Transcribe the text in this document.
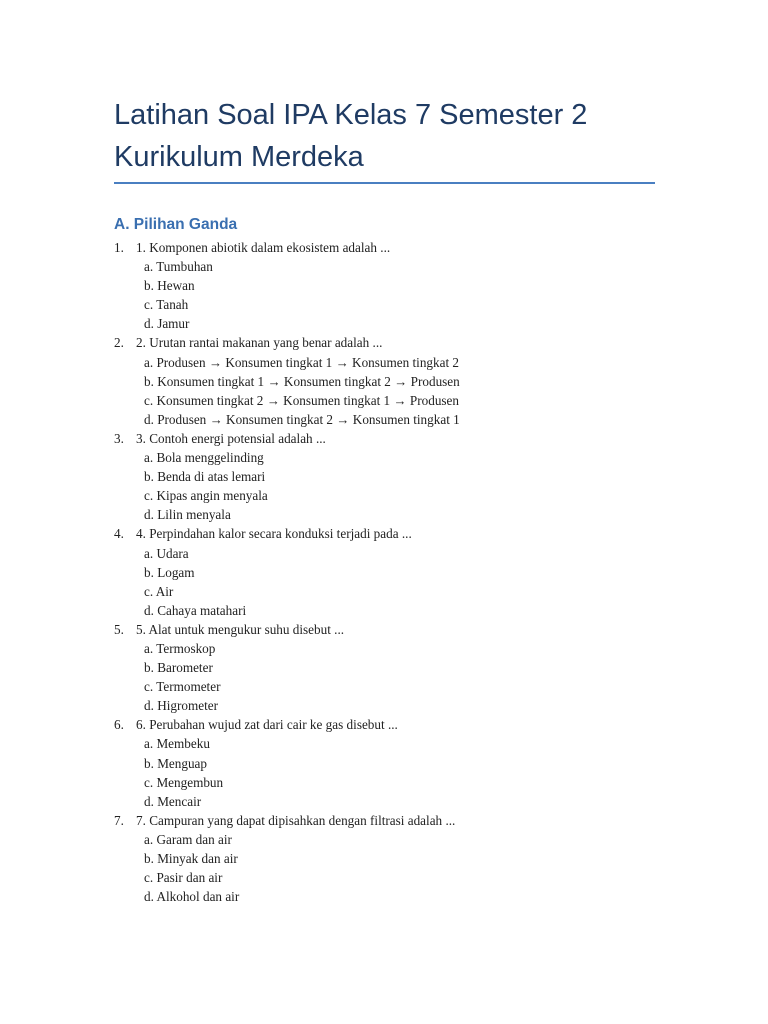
Latihan Soal IPA Kelas 7 Semester 2
Kurikulum Merdeka
A. Pilihan Ganda
1. 1. Komponen abiotik dalam ekosistem adalah ...
a. Tumbuhan
b. Hewan
c. Tanah
d. Jamur
2. 2. Urutan rantai makanan yang benar adalah ...
a. Produsen → Konsumen tingkat 1 → Konsumen tingkat 2
b. Konsumen tingkat 1 → Konsumen tingkat 2 → Produsen
c. Konsumen tingkat 2 → Konsumen tingkat 1 → Produsen
d. Produsen → Konsumen tingkat 2 → Konsumen tingkat 1
3. 3. Contoh energi potensial adalah ...
a. Bola menggelinding
b. Benda di atas lemari
c. Kipas angin menyala
d. Lilin menyala
4. 4. Perpindahan kalor secara konduksi terjadi pada ...
a. Udara
b. Logam
c. Air
d. Cahaya matahari
5. 5. Alat untuk mengukur suhu disebut ...
a. Termoskop
b. Barometer
c. Termometer
d. Higrometer
6. 6. Perubahan wujud zat dari cair ke gas disebut ...
a. Membeku
b. Menguap
c. Mengembun
d. Mencair
7. 7. Campuran yang dapat dipisahkan dengan filtrasi adalah ...
a. Garam dan air
b. Minyak dan air
c. Pasir dan air
d. Alkohol dan air
